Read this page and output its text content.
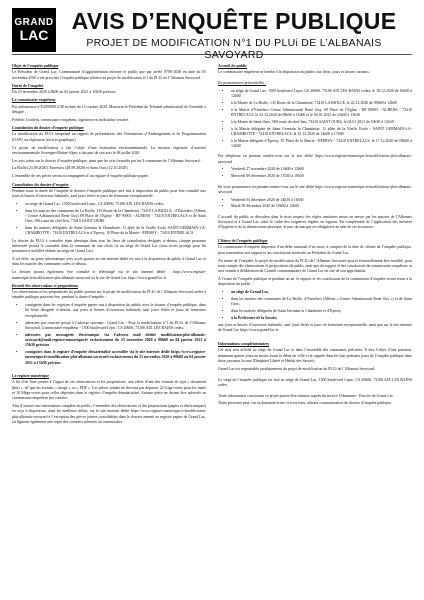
GRAND
LAC
AVIS D’ENQUÊTE PUBLIQUE
PROJET DE MODIFICATION N°1 DU PLUi DE L’ALBANAIS SAVOYARD
Objet de l’enquête publique

Le Président de Grand Lac, Communauté d’agglomération informe le public que par arrêté N°80-2020 en date du 05 novembre 2020 a été prescrite l’enquête publique relative au projet de modification n°1 du PLUi de l’Albanais Savoyard.

Durée de l’enquête

Du 23 novembre 2020 à 8h00 au 04 janvier 2021 à 15h30 précises.

Le commissaire enquêteur

Par ordonnance n°E20000012/38 en date du 14 octobre 2020, Monsieur le Président du Tribunal administratif de Grenoble a désigné :

Frédéric Goulvin, commissaire enquêteur, ingénieur en hydrauliste retraité.

Constitution du dossier d’enquête publique

La modification du PLUi comprend un rapport de présentation, des Orientations d’Aménagement et de Programmation (OAP), un règlement (écrit et graphique).

Ce projet de modification a fait l’objet d’une évaluation environnementale. La mission régionale d’autorité environnementale Auvergne-Rhône-Alpes a fait part de son avis le 06 juillet 2020.

Les avis joints sur le dossier d’enquête publique, ainsi que les avis formulés par les 3 communes de l’Albanais Savoyard :

La Biolle (23.09.2020), Entrelacs (28.09.2020) et Saint Ours (12.10.2020)

L’ensemble de ces pièces seront accompagnées d’un registre d’enquête publique papier.

Consultation du dossier d’enquête

Pendant toute la durée de l’enquête le dossier d’enquête publique sera mis à disposition du public pour être consulté aux jours et heures d’ouverture habituels, sauf jours fériés et jours de fermeture exceptionnelle :

• au siège de Grand Lac, 1500 boulevard Lepic, CS 20606, 73106 AIX LES BAINS cedex,
• dans les mairies des communes de La Biolle, 135 Route de la Chambotte, 73410 LA BIOLLE ; d’Entrelacs (Albens - Centre Administratif René Guy) 69 Place de l’Eglise - BP 90003 - ALBENS - 73410 ENTRELACS et de Saint Ours, 569 route du chef-lieu, 73410 SAINT OURS
• dans les mairies déléguées de Saint Germain la Chambotte, 11 allée de la Vieille Ecole SAINT-GERMAIN-LA-CHAMBOTTE - 73410 ENTRELACS et d’Epersy, 10 Place de la Mairie - EPERSY - 73410 ENTRELACS

Le dossier du PLUi à consulter étant identique dans tous les lieux de consultation désignés ci-dessus, chaque personne intéressée pourra le consulter dans la commune de son choix ou au siège de Grand Lac (sous accès protégé pour les personnes à mobilité réduite au siège de Grand Lac).

A cet effet, un poste informatique avec accès gratuit au site internet dédié est mis à la disposition du public à Grand Lac et dans les mairies des communes citées ci-dessus.

Le dossier pourra également être consulté et téléchargé via le site internet dédié : https://www.registre-numerique.fr/modification-plui-albanais-savoyard ou le site de Grand Lac https://www.grand-lac.fr

Recueil des observations et propositions

Les observations et les propositions du public portant sur le projet de modification du PLUi de l’Albanais Savoyard arrêté à enquête publique pourront être, pendant la durée d’enquête :

• consignées dans les registres d’enquête papier mis à disposition du public avec le dossier d’enquête publique, dans les lieux désignés ci-dessus, aux jours et heures d’ouverture habituels, sauf jours fériés et jours de fermeture exceptionnelle.
• adressées par courrier postal à l’adresse suivante : Grand Lac - Pour la modification n°1 du PLUi de l’Albanais Savoyard, Commissaire enquêteur - 1500 boulevard Lepic, CS 20606, 73106 AIX LES BAINS cedex.
• adressées par messagerie électronique via l’adresse mail dédiée modification-plui-albanais-savoyard@mail.registre-numerique.fr exclusivement du 23 novembre 2020 à 08h00 au 04 janvier 2021 à 15h30 précises
• consignées dans le registre d’enquête dématérialisé accessible via le site internet dédié https://www.registre-numerique.fr/modification-plui-albanais-savoyard exclusivement du 23 novembre 2020 à 08h00 au 04 janvier 2021 à 15h30 précises
Le registre numérique

A fin d’en faire jointes à l’appui de ces observations et les propositions, aux effets d’une des formats de type « document (hui) », tel que les formats « image » ou « PDF ». Les pièces jointes ne devront pas dépasser 22 Giga-octets pour les mails et 10 Méga-octets pour celles déposées dans le registre d’enquête dématérialisé. Aucune pièce ne devant être adressée au commissaire enquêteur par courrier.

Afin d’assurer une information complète du public, l’ensemble des observations et des propositions (papier et électroniques) en reçu à disposition, dans les meilleurs délais, sur le site internet dédié https://www.registre-numerique.fr/modification-plui-albanais-savoyard à l’exception des pièces jointes consultables dans le dossier annexé au registre papier de Grand Lac, où figurent également une copie des courriers adressés au commissaire.

Accueil du public

Le commissaire enquêteur se tiendra à la disposition du public aux lieux, jours et heures suivants :

En permanences présentielles :

• au siège de Grand Lac, 1500 boulevard Lepic, CS 20606, 73106 AIX LES BAINS cedex, le 18.12.2020 de 10h00 à 12h00
• à la Mairie de La Biolle, 135 Route de la Chambotte, 73410 LA BIOLLE, le 22.12.2020 de 09h00 à 12h00
• à la Mairie d’Entrelacs Centre Administratif René Guy, 69 Place de l’Eglise - BP 90003 - ALBENS - 73410 ENTRELACS, le 23.12.2020 de 08h00 à 11h00 et le 04.01.2021 de 13h30 à 15h30
• à la Mairie de Saint Ours, 569 route du chef-lieu, 73410 SAINT OURS, le 04.01.2021 de 10h30 à 12h30
• à la Mairie déléguée de Saint Germain la Chambotte, 11 allée de la Vieille Ecole - SAINT GERMAIN-LA-CHAMBOTTE - 73410 ENTRELACS, le 15.12.2020 de 14h00 à 17h00
• à la Mairie déléguée d’Epersy, 10 Place de la Mairie - EPERSY - 73410 ENTRELACS, le 17.12.2020 de 09h00 à 12h00

Par téléphone en prenant rendez-vous sur le site dédié https://www.registre-numerique.fr/modification-plui-albanais-savoyard

• Vendredi 27 novembre 2020 de 10h00 à 12h00
• Mercredi 09 décembre 2020 de 17h30 à 19h30

En visio permanence en prenant rendez-vous sur le site dédié https://www.registre-numerique.fr/modification-plui-albanais-savoyard

• Vendredi 04 décembre 2020 de 14h30 à 16h30
• Mardi 08 décembre 2020 de 10h00 à 12h00

L’accueil du public se déroulera dans le strict respect des règles sanitaires mises en œuvre par les mairies de l’Albanais Savoyard et à Grand Lac, dans le cadre des exigences légales en vigueur. En complément de l’application des mesures d’hygiène et de la distanciation physique, le port du masque est obligatoire au sein de ces structures.

Clôture de l’enquête publique

Le commissaire d’enquête disposera d’un délai maximal d’un mois, à compter de la date de clôture de l’enquête publique, pour transmettre son rapport et ses conclusions motivées au Président de Grand Lac.

Au terme de l’enquête, le projet de modification du PLUi de l’Albanais Savoyard pourra éventuellement être modifié, pour tenir compte des observations et propositions du public ainsi que du rapport et des conclusions du commissaire enquêteur, et sera soumis à délibération du Conseil communautaire de Grand Lac en vue de son approbation.

À l’issue de l’enquête publique et pendant un an, le rapport et les conclusions de la commission d’enquête seront tenus à la disposition du public :

• au siège de Grand Lac,
• dans les mairies des communes de La Biolle, d’Entrelacs (Albens « Centre Administratif René Guy ») et de Saint Ours;
• dans les mairies déléguées de Saint Germain la Chambotte et d’Epersy.
• à la Préfecture de la Savoie;

aux jours et heures d’ouverture habituels, sauf jours fériés et jours de fermeture exceptionnelle, ainsi que sur le site internet de Grand Lac https://www.grand-lac.fr.

Informations complémentaires

Cet avis sera affiché au siège de Grand Lac et dans l’ensemble des communes précitées. Il fera l’objet d’une parution, minimum quinze jours au moins avant le début de celle-ci et rappelé dans les huit premiers jours de l’enquête publique dans deux journaux locaux (Dauphiné Libéré et Hebdo des Savoie).

Grand Lac est responsable juridiquement du projet de modification du PLUi de l’Albanais Savoyard.

Le siège de l’enquête publique est fixé au siège de Grand Lac, 1500 boulevard Lepic, CS 20606, 73106 AIX LES BAINS cedex.

Toute information concernant ce projet pourra être obtenue auprès du service Urbanisme - Foncier de Grand Lac.

Toute personne peut, sur sa demande écrite et à ses frais, obtenir communication du dossier d’enquête publique.
